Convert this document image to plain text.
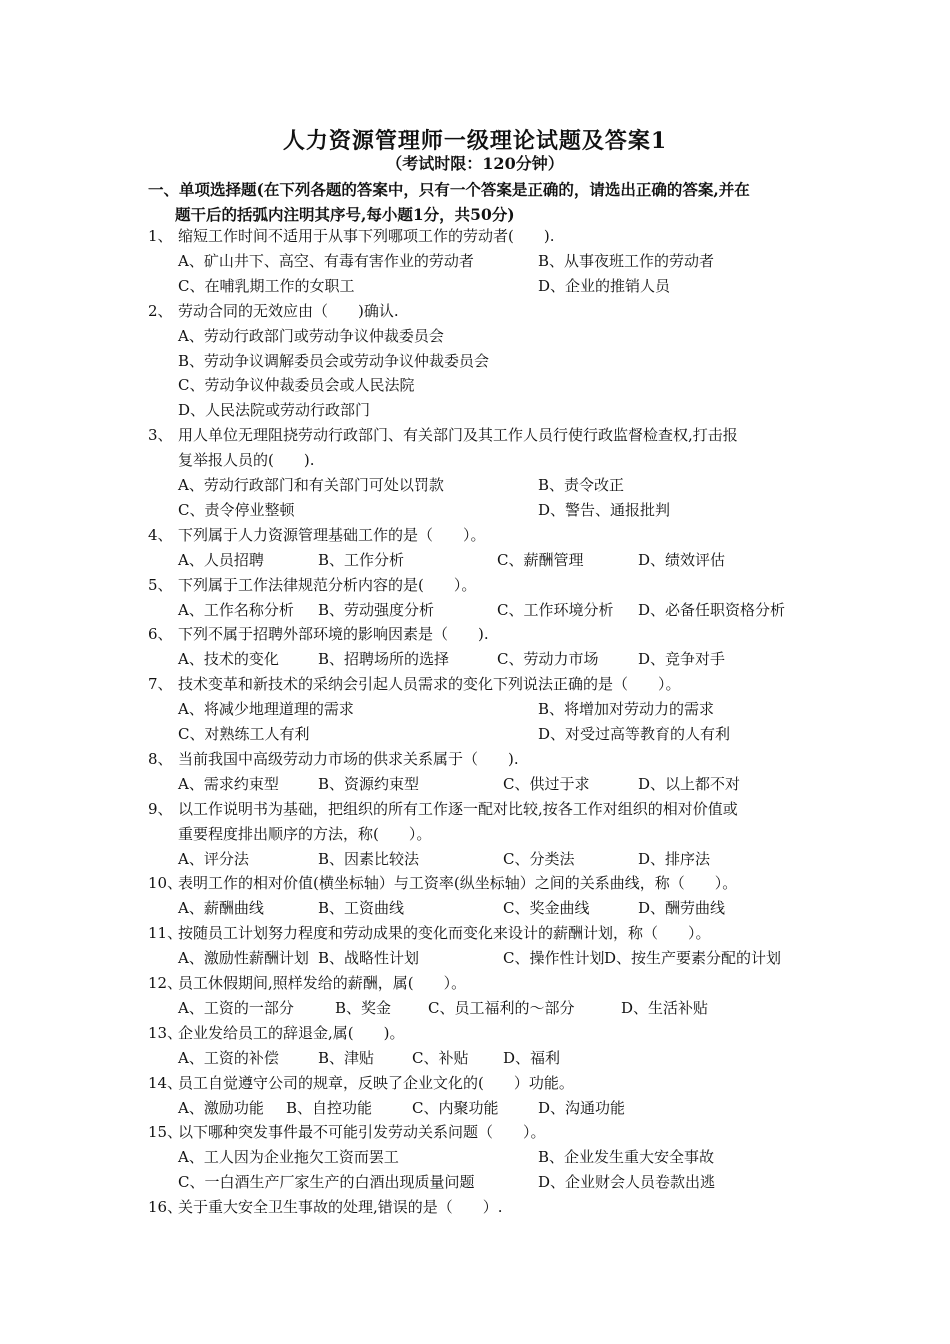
人力资源管理师一级理论试题及答案1
（考试时限：120分钟）
一、单项选择题(在下列各题的答案中，只有一个答案是正确的，请选出正确的答案,并在
题干后的括弧内注明其序号,每小题1分，共50分)
1、 缩短工作时间不适用于从事下列哪项工作的劳动者(　　).
A、矿山井下、高空、有毒有害作业的劳动者	B、从事夜班工作的劳动者
C、在哺乳期工作的女职工	D、企业的推销人员
2、 劳动合同的无效应由（　　)确认.
A、劳动行政部门或劳动争议仲裁委员会
B、劳动争议调解委员会或劳动争议仲裁委员会
C、劳动争议仲裁委员会或人民法院
D、人民法院或劳动行政部门
3、 用人单位无理阻挠劳动行政部门、有关部门及其工作人员行使行政监督检查权,打击报
复举报人员的(　　).
A、劳动行政部门和有关部门可处以罚款	B、责令改正
C、责令停业整顿	D、警告、通报批判
4、 下列属于人力资源管理基础工作的是（　　）。
A、人员招聘	B、工作分析	C、薪酬管理	D、绩效评估
5、 下列属于工作法律规范分析内容的是(　　）。
A、工作名称分析 B、劳动强度分析	C、工作环境分析 D、必备任职资格分析
6、 下列不属于招聘外部环境的影响因素是（　　).
A、技术的变化	B、招聘场所的选择	C、劳动力市场	D、竞争对手
7、 技术变革和新技术的采纳会引起人员需求的变化下列说法正确的是（　　）。
A、将减少地理道理的需求	B、将增加对劳动力的需求
C、对熟练工人有利	D、对受过高等教育的人有利
8、 当前我国中高级劳动力市场的供求关系属于（　　).
A、需求约束型	B、资源约束型	C、供过于求	D、以上都不对
9、 以工作说明书为基础，把组织的所有工作逐一配对比较,按各工作对组织的相对价值或
重要程度排出顺序的方法，称(　　）。
A、评分法	B、因素比较法	C、分类法	D、排序法
10、
表明工作的相对价值(横坐标轴）与工资率(纵坐标轴）之间的关系曲线，称（　　）。
A、薪酬曲线	B、工资曲线	C、奖金曲线	D、酬劳曲线
11、
按随员工计划努力程度和劳动成果的变化而变化来设计的薪酬计划，称（　　）。
A、激励性薪酬计划 B、战略性计划	C、操作性计划 D、按生产要素分配的计划
12、
员工休假期间,照样发给的薪酬，属(　　）。
A、工资的一部分	B、奖金 C、员工福利的～部分	D、生活补贴
13、
企业发给员工的辞退金,属(　　)。
A、工资的补偿	B、津贴	C、补贴 D、福利
14、
员工自觉遵守公司的规章，反映了企业文化的(　　）功能。
A、激励功能 B、自控功能	C、内聚功能	D、沟通功能
15、
以下哪种突发事件最不可能引发劳动关系问题（　　）。
A、工人因为企业拖欠工资而罢工	B、企业发生重大安全事故
C、一白酒生产厂家生产的白酒出现质量问题	D、企业财会人员卷款出逃
16、
关于重大安全卫生事故的处理,错误的是（　　）.
